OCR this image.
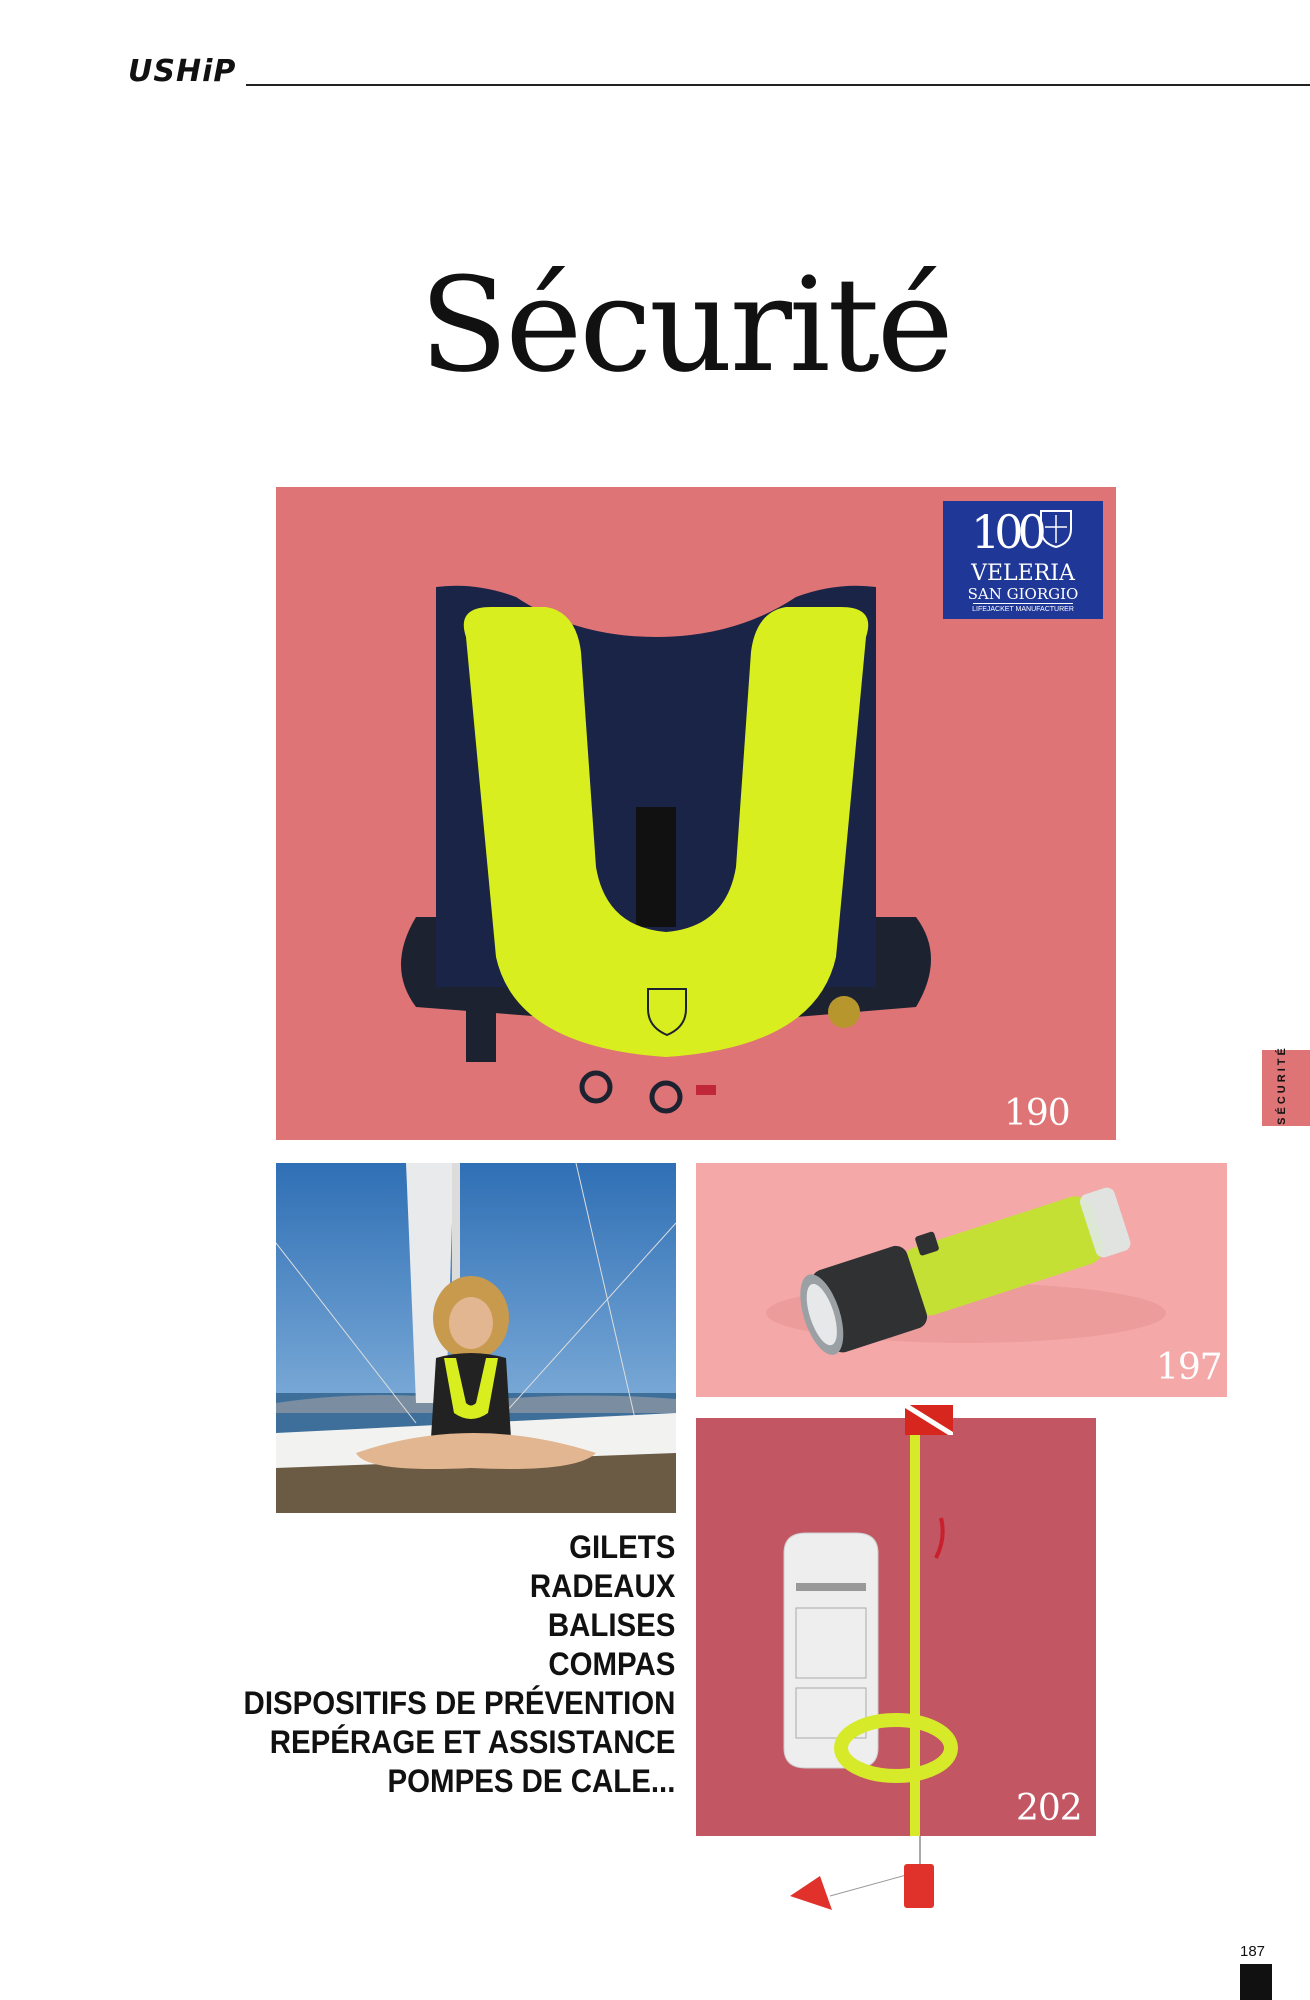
USHiP
Sécurité
190
100
VELERIA
SAN GIORGIO
LIFEJACKET MANUFACTURER
197
202
GILETS
RADEAUX
BALISES
COMPAS
DISPOSITIFS DE PRÉVENTION
REPÉRAGE ET ASSISTANCE
POMPES DE CALE...
SÉCURITÉ
187
